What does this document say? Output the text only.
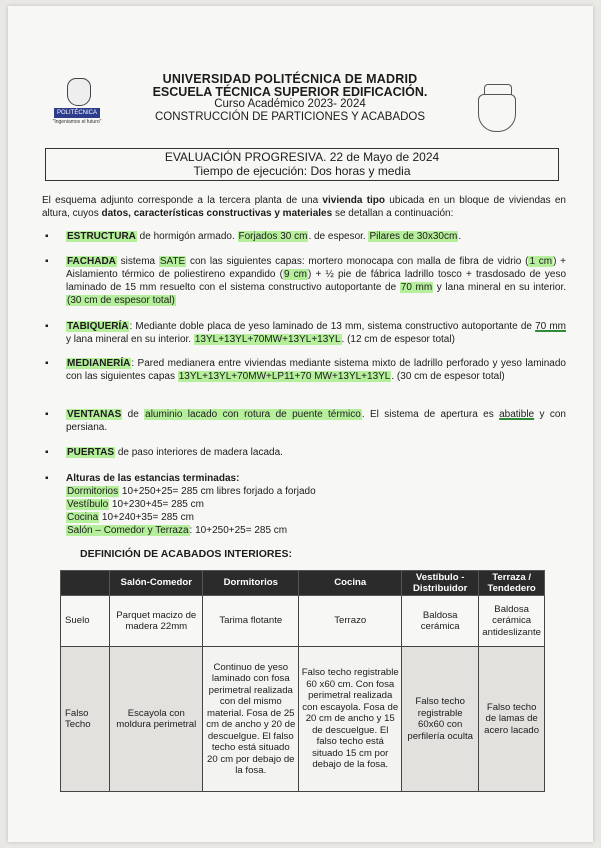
POLITÉCNICA
"Ingeniamos el futuro"
UNIVERSIDAD POLITÉCNICA DE MADRID
ESCUELA TÉCNICA SUPERIOR EDIFICACIÓN.
Curso Académico 2023- 2024
CONSTRUCCIÓN DE PARTICIONES Y ACABADOS
EVALUACIÓN PROGRESIVA. 22 de Mayo de 2024
Tiempo de ejecución: Dos horas y media
El esquema adjunto corresponde a la tercera planta de una vivienda tipo ubicada en un bloque de viviendas en altura, cuyos datos, características constructivas y materiales se detallan a continuación:
▪ ESTRUCTURA de hormigón armado. Forjados 30 cm. de espesor. Pilares de 30x30cm.
▪ FACHADA sistema SATE con las siguientes capas: mortero monocapa con malla de fibra de vidrio (1 cm) + Aislamiento térmico de poliestireno expandido (9 cm) + ½ pie de fábrica ladrillo tosco + trasdosado de yeso laminado de 15 mm resuelto con el sistema constructivo autoportante de 70 mm y lana mineral en su interior. (30 cm de espesor total)
▪ TABIQUERÍA: Mediante doble placa de yeso laminado de 13 mm, sistema constructivo autoportante de 70 mm y lana mineral en su interior. 13YL+13YL+70MW+13YL+13YL. (12 cm de espesor total)
▪ MEDIANERÍA: Pared medianera entre viviendas mediante sistema mixto de ladrillo perforado y yeso laminado con las siguientes capas 13YL+13YL+70MW+LP11+70 MW+13YL+13YL. (30 cm de espesor total)
▪ VENTANAS de aluminio lacado con rotura de puente térmico. El sistema de apertura es abatible y con persiana.
▪ PUERTAS de paso interiores de madera lacada.
▪ Alturas de las estancias terminadas:
Dormitorios 10+250+25= 285 cm libres forjado a forjado
Vestíbulo 10+230+45= 285 cm
Cocina 10+240+35= 285 cm
Salón – Comedor y Terraza: 10+250+25= 285 cm
DEFINICIÓN DE ACABADOS INTERIORES:
	Salón-Comedor	Dormitorios	Cocina	Vestíbulo - Distribuidor	Terraza / Tendedero
Suelo	Parquet macizo de madera 22mm	Tarima flotante	Terrazo	Baldosa cerámica	Baldosa cerámica antideslizante
Falso Techo	Escayola con moldura perimetral	Continuo de yeso laminado con fosa perimetral realizada con del mismo material. Fosa de 25 cm de ancho y 20 de descuelgue. El falso techo está situado 20 cm por debajo de la fosa.	Falso techo registrable 60 x60 cm. Con fosa perimetral realizada con escayola. Fosa de 20 cm de ancho y 15 de descuelgue. El falso techo está situado 15 cm por debajo de la fosa.	Falso techo registrable 60x60 con perfilería oculta	Falso techo de lamas de acero lacado
